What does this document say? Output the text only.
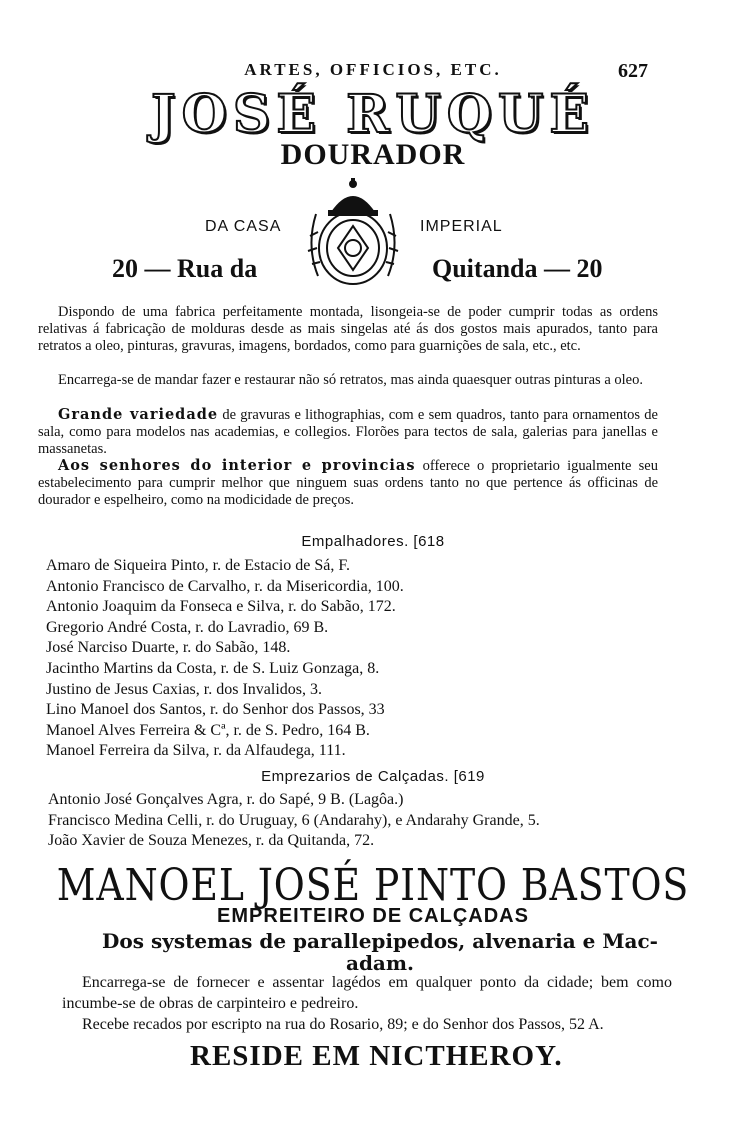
ARTES, OFFICIOS, ETC.	627
JOSÉ RUQUÉ
DOURADOR
DA CASA	IMPERIAL
20 — Rua da	Quitanda — 20
Dispondo de uma fabrica perfeitamente montada, lisongeia-se de poder cumprir todas as ordens relativas á fabricação de molduras desde as mais singelas até ás dos gostos mais apurados, tanto para retratos a oleo, pinturas, gravuras, imagens, bordados, como para guarnições de sala, etc., etc.
Encarrega-se de mandar fazer e restaurar não só retratos, mas ainda quaesquer outras pinturas a oleo.
Grande variedade de gravuras e lithographias, com e sem quadros, tanto para ornamentos de sala, como para modelos nas academias, e collegios. Florões para tectos de sala, galerias para janellas e massanetas.
Aos senhores do interior e provincias offerece o proprietario igualmente seu estabelecimento para cumprir melhor que ninguem suas ordens tanto no que pertence ás officinas de dourador e espelheiro, como na modicidade de preços.
Empalhadores. [618
Amaro de Siqueira Pinto, r. de Estacio de Sá, F.
Antonio Francisco de Carvalho, r. da Misericordia, 100.
Antonio Joaquim da Fonseca e Silva, r. do Sabão, 172.
Gregorio André Costa, r. do Lavradio, 69 B.
José Narciso Duarte, r. do Sabão, 148.
Jacintho Martins da Costa, r. de S. Luiz Gonzaga, 8.
Justino de Jesus Caxias, r. dos Invalidos, 3.
Lino Manoel dos Santos, r. do Senhor dos Passos, 33
Manoel Alves Ferreira & Cª, r. de S. Pedro, 164 B.
Manoel Ferreira da Silva, r. da Alfaudega, 111.
Emprezarios de Calçadas. [619
Antonio José Gonçalves Agra, r. do Sapé, 9 B. (Lagôa.)
Francisco Medina Celli, r. do Uruguay, 6 (Andarahy), e Andarahy Grande, 5.
João Xavier de Souza Menezes, r. da Quitanda, 72.
MANOEL JOSÉ PINTO BASTOS
EMPREITEIRO DE CALÇADAS
Dos systemas de parallepipedos, alvenaria e Mac-adam.
Encarrega-se de fornecer e assentar lagédos em qualquer ponto da cidade; bem como incumbe-se de obras de carpinteiro e pedreiro.
Recebe recados por escripto na rua do Rosario, 89; e do Senhor dos Passos, 52 A.
RESIDE EM NICTHEROY.
